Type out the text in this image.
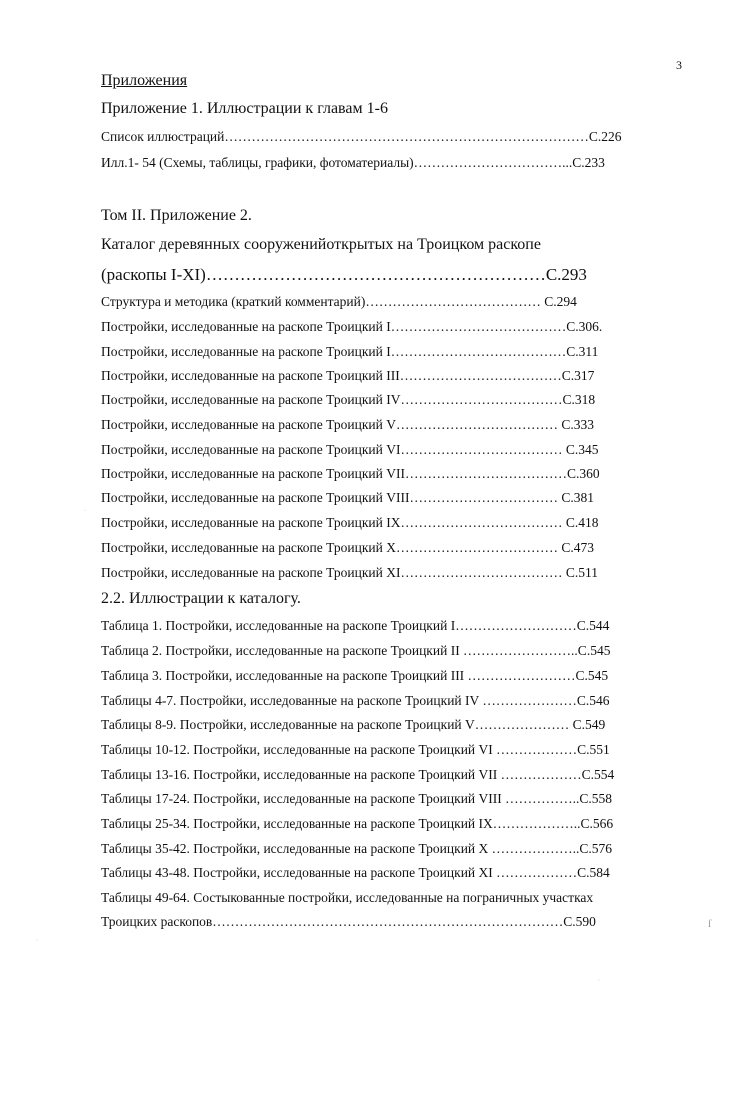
3
Приложения
Приложение 1. Иллюстрации к главам 1-6
Список иллюстраций………………………………………………………………………С.226
Илл.1- 54 (Схемы, таблицы, графики, фотоматериалы)……………………………...С.233
Том II. Приложение 2.
Каталог деревянных сооруженийоткрытых на Троицком раскопе
(раскопы I-XI)……………………………………………………С.293
Структура и методика (краткий комментарий)………………………………… С.294
Постройки, исследованные на раскопе Троицкий I…………………………………С.306.
Постройки, исследованные на раскопе Троицкий I…………………………………С.311
Постройки, исследованные на раскопе Троицкий III………………………………С.317
Постройки, исследованные на раскопе Троицкий IV………………………………С.318
Постройки, исследованные на раскопе Троицкий V……………………………… С.333
Постройки, исследованные на раскопе Троицкий VI……………………………… С.345
Постройки, исследованные на раскопе Троицкий VII………………………………С.360
Постройки, исследованные на раскопе Троицкий VIII…………………………… С.381
Постройки, исследованные на раскопе Троицкий IX……………………………… С.418
Постройки, исследованные на раскопе Троицкий X……………………………… С.473
Постройки, исследованные на раскопе Троицкий XI……………………………… С.511
2.2. Иллюстрации к каталогу.
Таблица 1. Постройки, исследованные на раскопе Троицкий I………………………С.544
Таблица 2. Постройки, исследованные на раскопе Троицкий II ……………………..С.545
Таблица 3. Постройки, исследованные на раскопе Троицкий III ……………………С.545
Таблицы 4-7. Постройки, исследованные на раскопе Троицкий IV …………………С.546
Таблицы 8-9. Постройки, исследованные на раскопе Троицкий V………………… С.549
Таблицы 10-12. Постройки, исследованные на раскопе Троицкий VI ………………С.551
Таблицы 13-16. Постройки, исследованные на раскопе Троицкий VII ………………С.554
Таблицы 17-24. Постройки, исследованные на раскопе Троицкий VIII ……………..С.558
Таблицы 25-34. Постройки, исследованные на раскопе Троицкий IX………………..С.566
Таблицы 35-42. Постройки, исследованные на раскопе Троицкий X ………………..С.576
Таблицы 43-48. Постройки, исследованные на раскопе Троицкий XI ………………С.584
Таблицы 49-64. Состыкованные постройки, исследованные на пограничных участках
Троицких раскопов……………………………………………………………………С.590	ſ
·
·
·
